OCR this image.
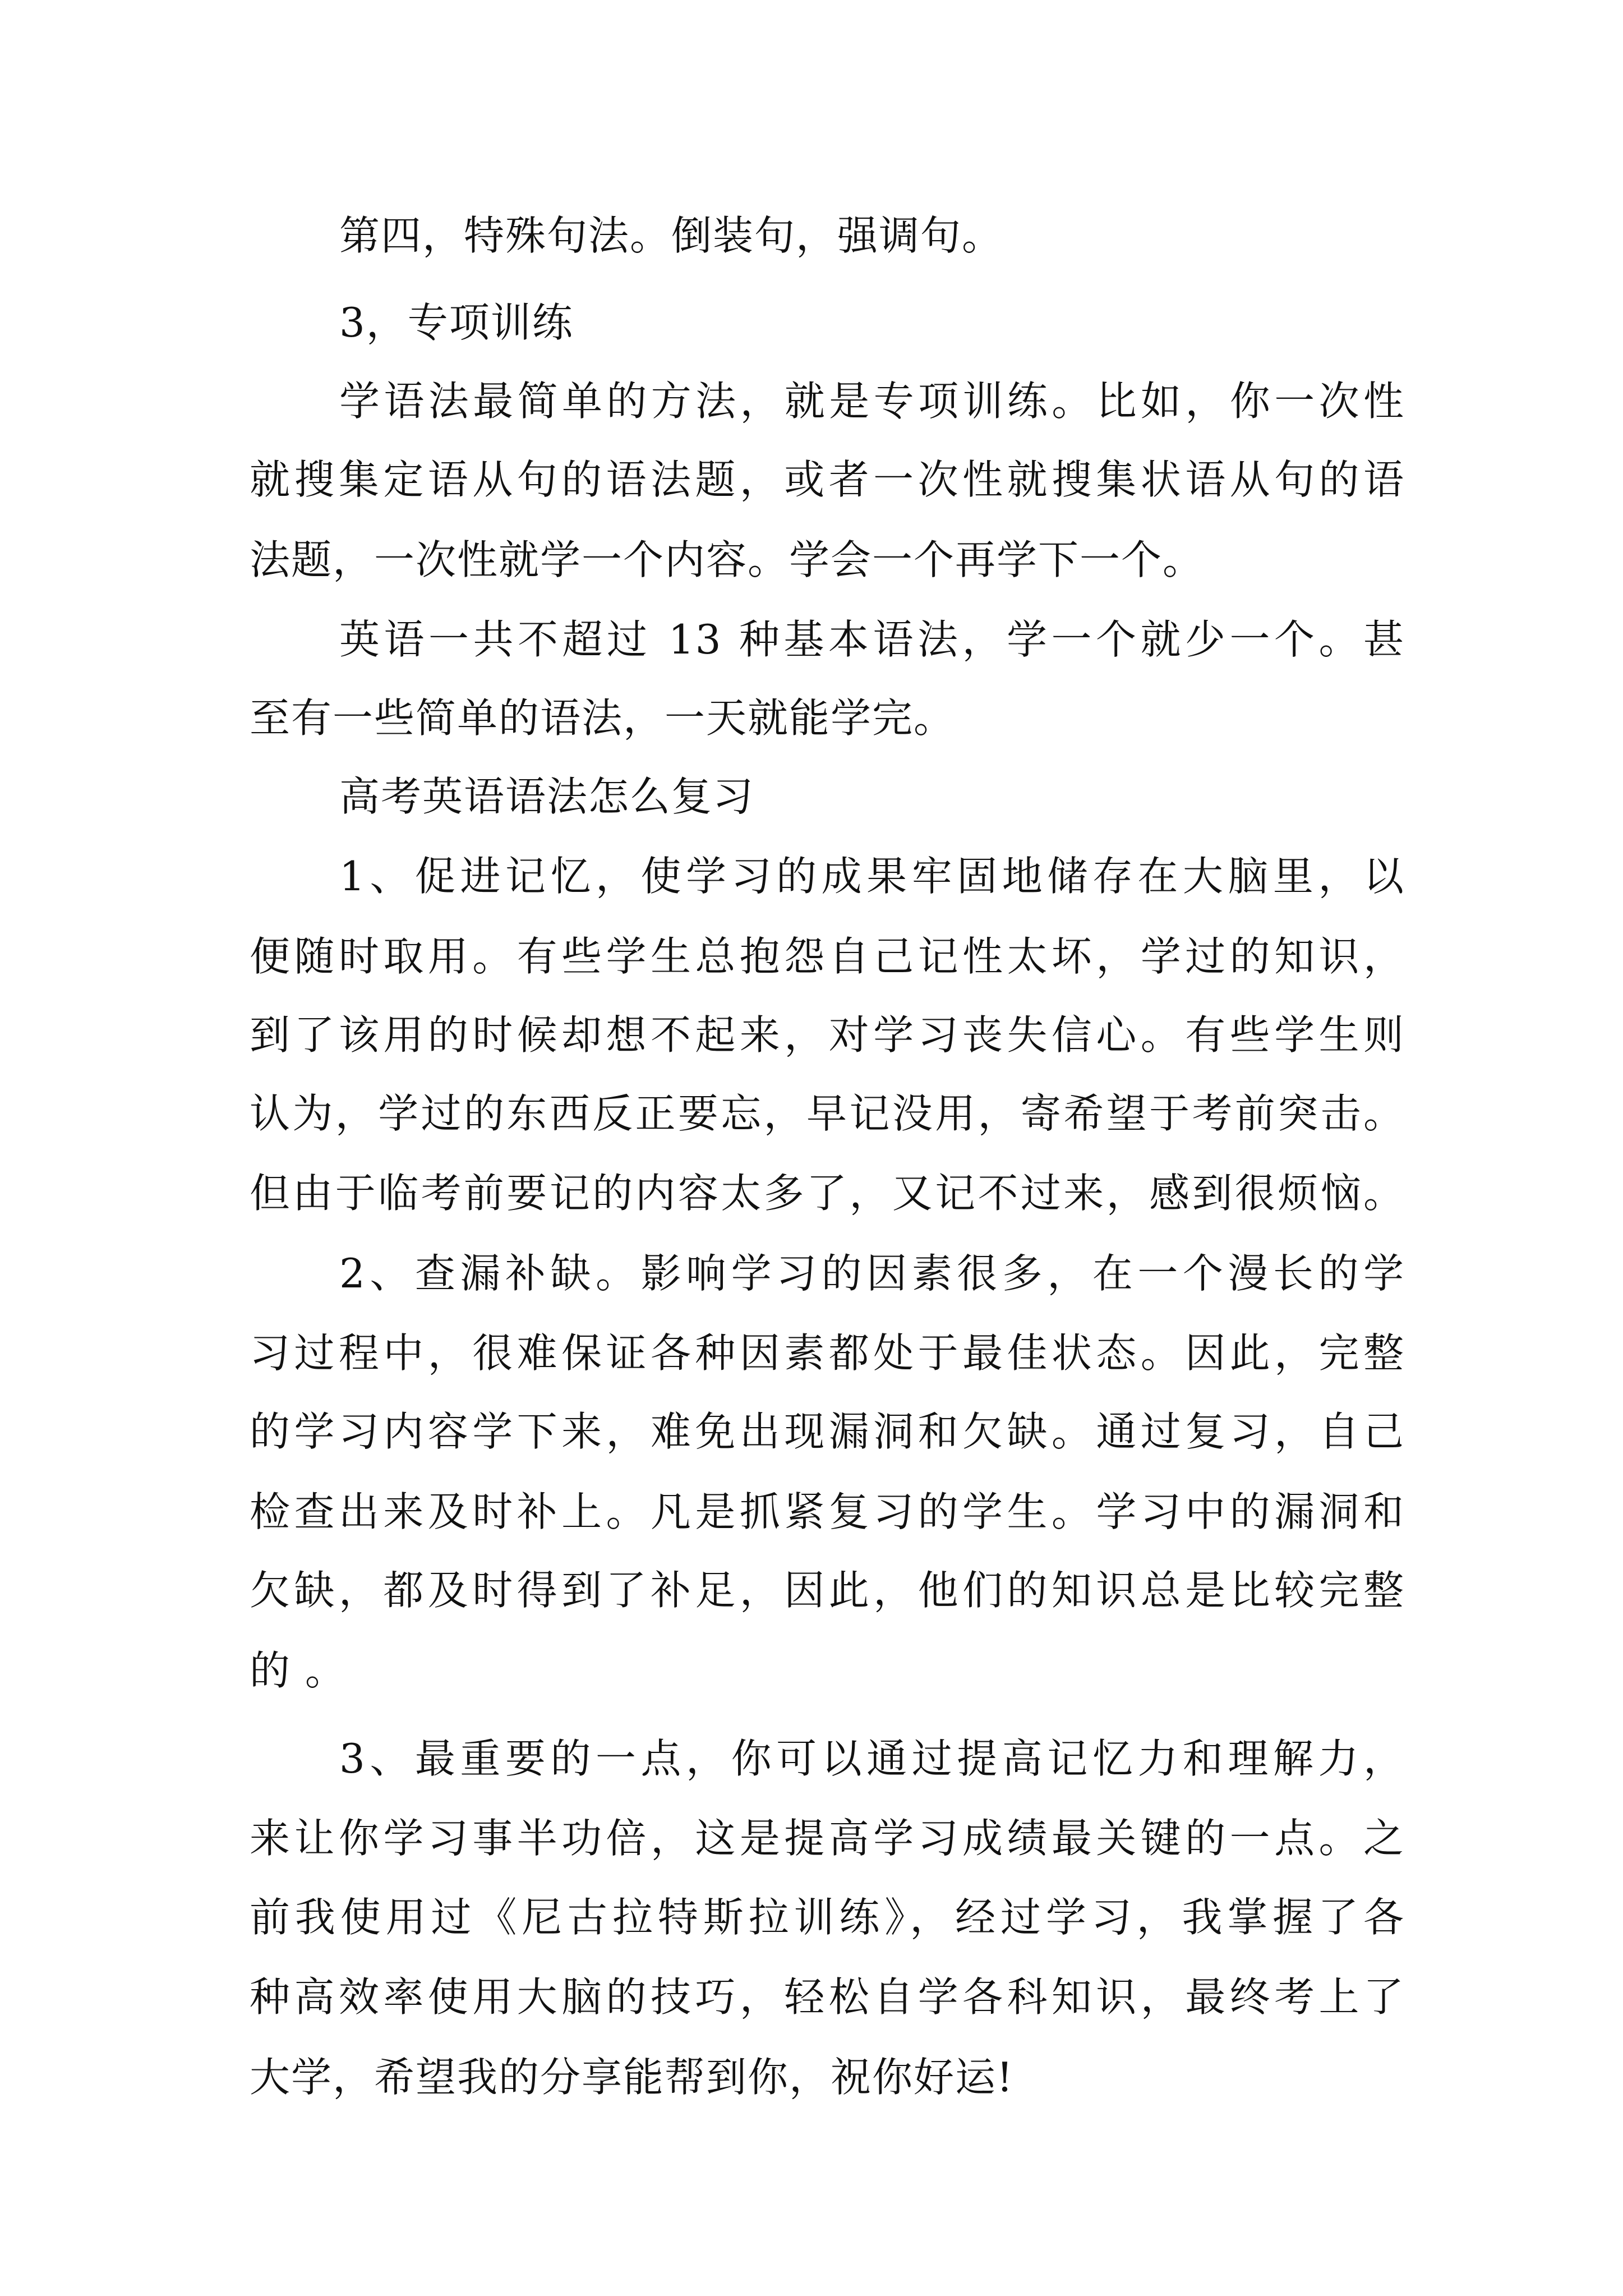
第四，特殊句法。倒装句，强调句。
3，专项训练
学语法最简单的方法，就是专项训练。比如，你一次性
就搜集定语从句的语法题，或者一次性就搜集状语从句的语
法题，一次性就学一个内容。学会一个再学下一个。
英语一共不超过 13 种基本语法，学一个就少一个。甚
至有一些简单的语法，一天就能学完。
高考英语语法怎么复习
1、促进记忆，使学习的成果牢固地储存在大脑里，以
便随时取用。有些学生总抱怨自己记性太坏，学过的知识，
到了该用的时候却想不起来，对学习丧失信心。有些学生则
认为，学过的东西反正要忘，早记没用，寄希望于考前突击。
但由于临考前要记的内容太多了，又记不过来，感到很烦恼。
2、查漏补缺。影响学习的因素很多，在一个漫长的学
习过程中，很难保证各种因素都处于最佳状态。因此，完整
的学习内容学下来，难免出现漏洞和欠缺。通过复习，自己
检查出来及时补上。凡是抓紧复习的学生。学习中的漏洞和
欠缺，都及时得到了补足，因此，他们的知识总是比较完整
的 。
3、最重要的一点，你可以通过提高记忆力和理解力，
来让你学习事半功倍，这是提高学习成绩最关键的一点。之
前我使用过《尼古拉特斯拉训练》，经过学习，我掌握了各
种高效率使用大脑的技巧，轻松自学各科知识，最终考上了
大学，希望我的分享能帮到你，祝你好运!
